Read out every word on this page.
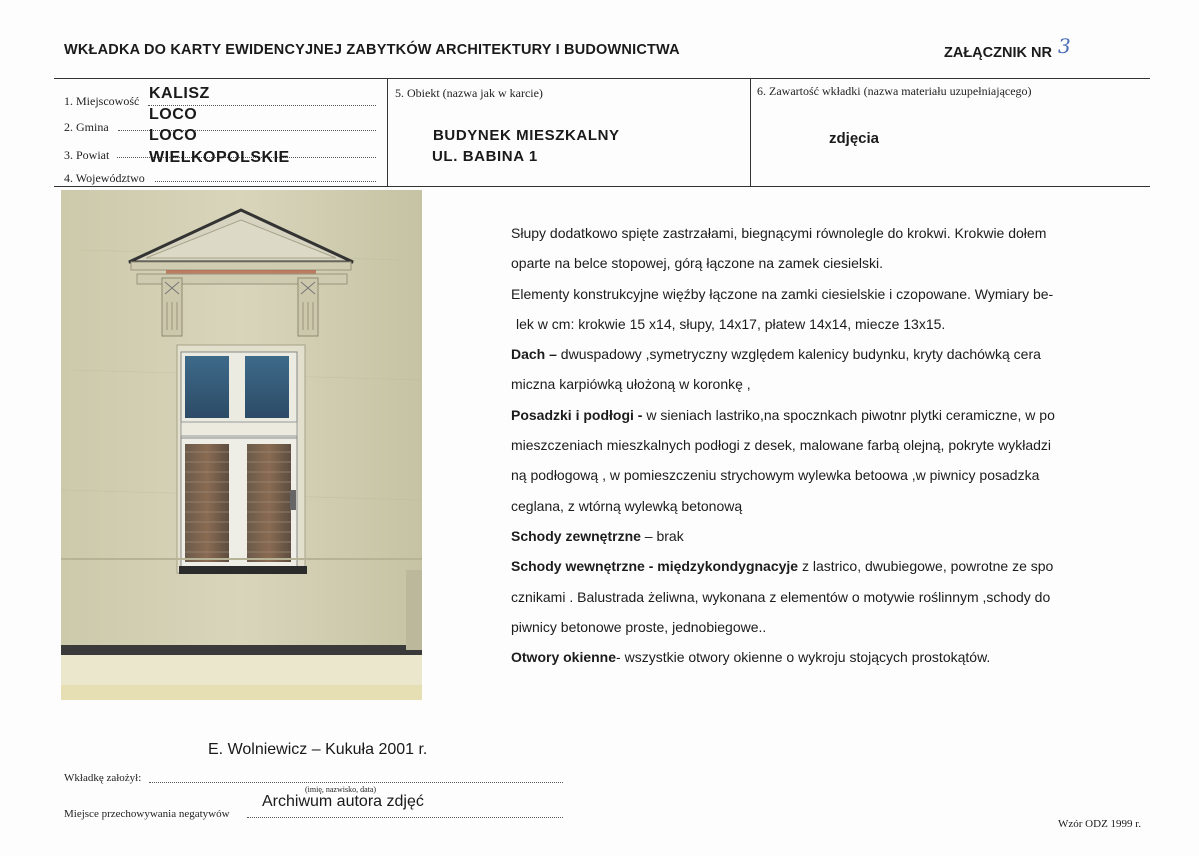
WKŁADKA DO KARTY EWIDENCYJNEJ ZABYTKÓW ARCHITEKTURY I BUDOWNICTWA	ZAŁĄCZNIK NR 3
1. Miejscowość KALISZ
2. Gmina
LOCO
3. Powiat
LOCO
4. Województwo
WIELKOPOLSKIE
5. Obiekt (nazwa jak w karcie)
BUDYNEK MIESZKALNY
UL. BABINA 1
6. Zawartość wkładki (nazwa materiału uzupełniającego)
zdjęcia

Słupy dodatkowo spięte zastrzałami, biegnącymi równolegle do krokwi. Krokwie dołem

oparte na belce stopowej, górą łączone na zamek ciesielski.

Elementy konstrukcyjne więźby łączone na zamki ciesielskie i czopowane. Wymiary be-

lek w cm: krokwie 15 x14, słupy, 14x17, płatew 14x14, miecze 13x15.

Dach – dwuspadowy ,symetryczny względem kalenicy budynku, kryty dachówką cera

miczna karpiówką ułożoną w koronkę ,

Posadzki i podłogi - w sieniach lastriko,na spocznkach piwotnr plytki ceramiczne, w po

mieszczeniach mieszkalnych podłogi z desek, malowane farbą olejną, pokryte wykładzi

ną podłogową , w pomieszczeniu strychowym wylewka betoowa ,w piwnicy posadzka

ceglana, z wtórną wylewką betonową

Schody zewnętrzne – brak

Schody wewnętrzne - międzykondygnacyje z lastrico, dwubiegowe, powrotne ze spo

cznikami . Balustrada żeliwna, wykonana z elementów o motywie roślinnym ,schody do

piwnicy betonowe proste, jednobiegowe..

Otwory okienne- wszystkie otwory okienne o wykroju stojących prostokątów.

E. Wolniewicz – Kukuła 2001 r.
Wkładkę założył:
(imię, nazwisko, data)
Miejsce przechowywania negatywów
Archiwum autora zdjęć
Wzór ODZ 1999 r.
